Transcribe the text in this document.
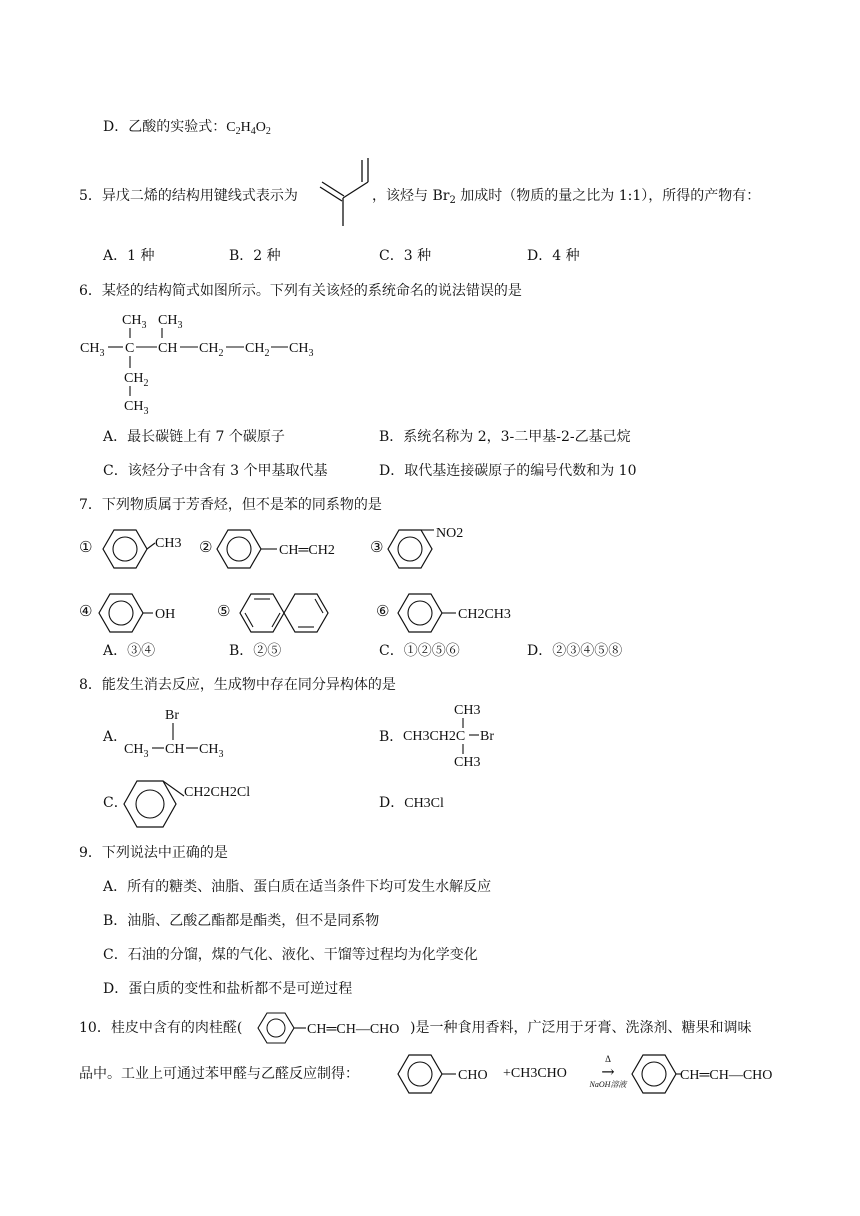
D．乙酸的实验式：$C_2H_4O_2$
5．异戊二烯的结构用键线式表示为	，该烃与 $Br_2$ 加成时（物质的量之比为 1:1），所得的产物有：
A．1 种	B．2 种	C．3 种	D．4 种
6．某烃的结构简式如图所示。下列有关该烃的系统命名的说法错误的是
$CH_3$ $CH_3$
$CH_3$ C CH $CH_2$ $CH_2$ $CH_3$
$CH_2$
$CH_3$
A．最长碳链上有 7 个碳原子	B．系统名称为 2，3-二甲基-2-乙基己烷
C．该烃分子中含有 3 个甲基取代基	D．取代基连接碳原子的编号代数和为 10
7．下列物质属于芳香烃，但不是苯的同系物的是
①	CH3 ②	CH═CH2 ③
NO2
④	OH	⑤	⑥	CH2CH3
A．③④	B．②⑤	C．①②⑤⑥	D．②③④⑤⑧
8．能发生消去反应，生成物中存在同分异构体的是
A．
Br
$CH_3$ CH $CH_3$
B．
CH3
CH3CH2C Br
CH3
C．
CH2CH2Cl
D．CH3Cl
9．下列说法中正确的是
A．所有的糖类、油脂、蛋白质在适当条件下均可发生水解反应
B．油脂、乙酸乙酯都是酯类，但不是同系物
C．石油的分馏，煤的气化、液化、干馏等过程均为化学变化
D．蛋白质的变性和盐析都不是可逆过程
10．桂皮中含有的肉桂醛(	CH═CH—CHO )是一种食用香料，广泛用于牙膏、洗涤剂、糖果和调味
品中。工业上可通过苯甲醛与乙醛反应制得：	CHO +CH3CHO
Δ
→
NaOH溶液
CH═CH—CHO
